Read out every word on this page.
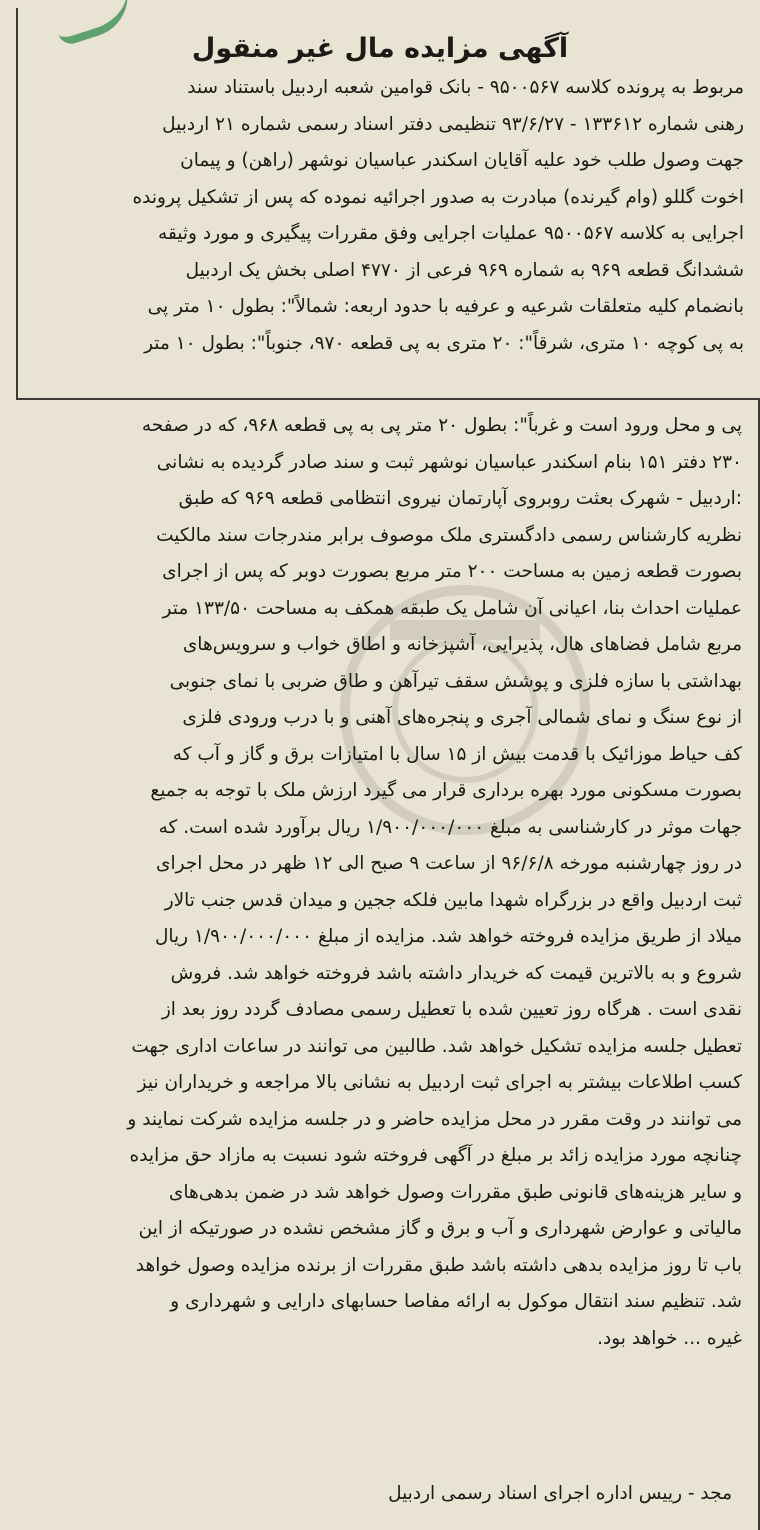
آگهی مزایده مال غیر منقول
مربوط به پرونده کلاسه ۹۵۰۰۵۶۷ - بانک قوامین شعبه اردبیل باستناد سند
رهنی شماره ۱۳۳۶۱۲ - ۹۳/۶/۲۷ تنظیمی دفتر اسناد رسمی شماره ۲۱ اردبیل
جهت وصول طلب خود علیه آقایان اسکندر عباسیان نوشهر (راهن) و پیمان
اخوت گللو (وام گیرنده) مبادرت به صدور اجرائیه نموده که پس از تشکیل پرونده
اجرایی به کلاسه ۹۵۰۰۵۶۷ عملیات اجرایی وفق مقررات پیگیری و مورد وثیقه
ششدانگ قطعه ۹۶۹ به شماره ۹۶۹ فرعی از ۴۷۷۰ اصلی بخش یک اردبیل
بانضمام کلیه متعلقات شرعیه و عرفیه با حدود اربعه: شمالاً": بطول ۱۰ متر پی
به پی کوچه ۱۰ متری، شرقاً": ۲۰ متری به پی قطعه ۹۷۰، جنوباً": بطول ۱۰ متر
پی و محل ورود است و غرباً": بطول ۲۰ متر پی به پی قطعه ۹۶۸، که در صفحه
۲۳۰ دفتر ۱۵۱ بنام اسکندر عباسیان نوشهر ثبت و سند صادر گردیده به نشانی
:اردبیل - شهرک بعثت روبروی آپارتمان نیروی انتظامی قطعه ۹۶۹ که طبق
نظریه کارشناس رسمی دادگستری ملک موصوف برابر مندرجات سند مالکیت
بصورت قطعه زمین به مساحت ۲۰۰ متر مربع بصورت دوبر که پس از اجرای
عملیات احداث بنا، اعیانی آن شامل یک طبقه همکف به مساحت ۱۳۳/۵۰ متر
مربع شامل فضاهای هال، پذیرایی، آشپزخانه و اطاق خواب و سرویس‌های
بهداشتی با سازه فلزی و پوشش سقف تیرآهن و طاق ضربی با نمای جنوبی
از نوع سنگ و نمای شمالی آجری و پنجره‌های آهنی و با درب ورودی فلزی
کف حیاط موزائیک با قدمت بیش از ۱۵ سال با امتیازات برق و گاز و آب که
بصورت مسکونی مورد بهره برداری قرار می گیرد ارزش ملک با توجه به جمیع
جهات موثر در کارشناسی به مبلغ ۱/۹۰۰/۰۰۰/۰۰۰ ریال برآورد شده است. که
در روز چهارشنبه مورخه ۹۶/۶/۸ از ساعت ۹ صبح الی ۱۲ ظهر در محل اجرای
ثبت اردبیل واقع در بزرگراه شهدا مابین فلکه ججین و میدان قدس جنب تالار
میلاد از طریق مزایده فروخته خواهد شد. مزایده از مبلغ ۱/۹۰۰/۰۰۰/۰۰۰ ریال
شروع و به بالاترین قیمت که خریدار داشته باشد فروخته خواهد شد. فروش
نقدی است . هرگاه روز تعیین شده با تعطیل رسمی مصادف گردد روز بعد از
تعطیل جلسه مزایده تشکیل خواهد شد. طالبین می توانند در ساعات اداری جهت
کسب اطلاعات بیشتر به اجرای ثبت اردبیل به نشانی بالا مراجعه و خریداران نیز
می توانند در وقت مقرر در محل مزایده حاضر و در جلسه مزایده شرکت نمایند و
چنانچه مورد مزایده زائد بر مبلغ در آگهی فروخته شود نسبت به مازاد حق مزایده
و سایر هزینه‌های قانونی طبق مقررات وصول خواهد شد در ضمن بدهی‌های
مالیاتی و عوارض شهرداری و آب و برق و گاز مشخص نشده در صورتیکه از این
باب تا روز مزایده بدهی داشته باشد طبق مقررات از برنده مزایده وصول خواهد
شد. تنظیم سند انتقال موکول به ارائه مفاصا حسابهای دارایی و شهرداری و
غیره ... خواهد بود.
مجد - رییس اداره اجرای اسناد رسمی اردبیل
